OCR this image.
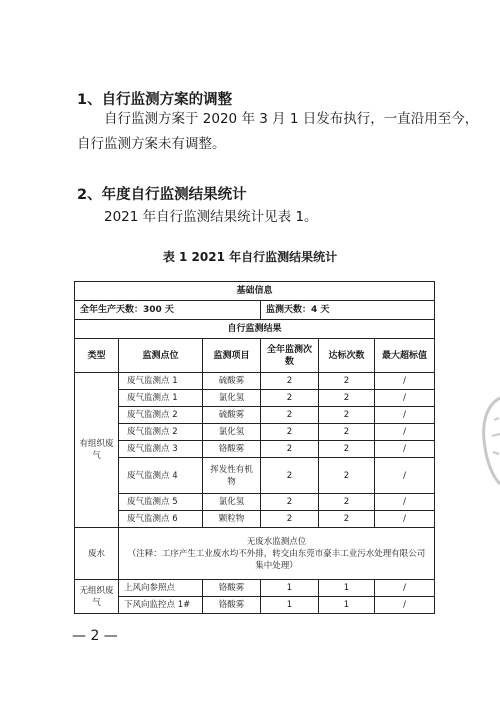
1、自行监测方案的调整
自行监测方案于 2020 年 3 月 1 日发布执行，一直沿用至今，
自行监测方案未有调整。
2、年度自行监测结果统计
2021 年自行监测结果统计见表 1。
表 1 2021 年自行监测结果统计
基础信息					
全年生产天数：300 天			监测天数：4 天		
自行监测结果					
类型	监测点位	监测项目	全年监测次数	达标次数	最大超标值
有组织废气	废气监测点 1	硫酸雾	2	2	/
	废气监测点 1	氯化氢	2	2	/
	废气监测点 2	硫酸雾	2	2	/
	废气监测点 2	氯化氢	2	2	/
	废气监测点 3	铬酸雾	2	2	/
	废气监测点 4	挥发性有机物	2	2	/
	废气监测点 5	氯化氢	2	2	/
	废气监测点 6	颗粒物	2	2	/
废水	无废水监测点位
（注释：工序产生工业废水均不外排，转交由东莞市豪丰工业污水处理有限公司集中处理）				

无组织废气	上风向参照点	铬酸雾	1	1	/
	下风向监控点 1#	铬酸雾	1	1	/
— 2 —
